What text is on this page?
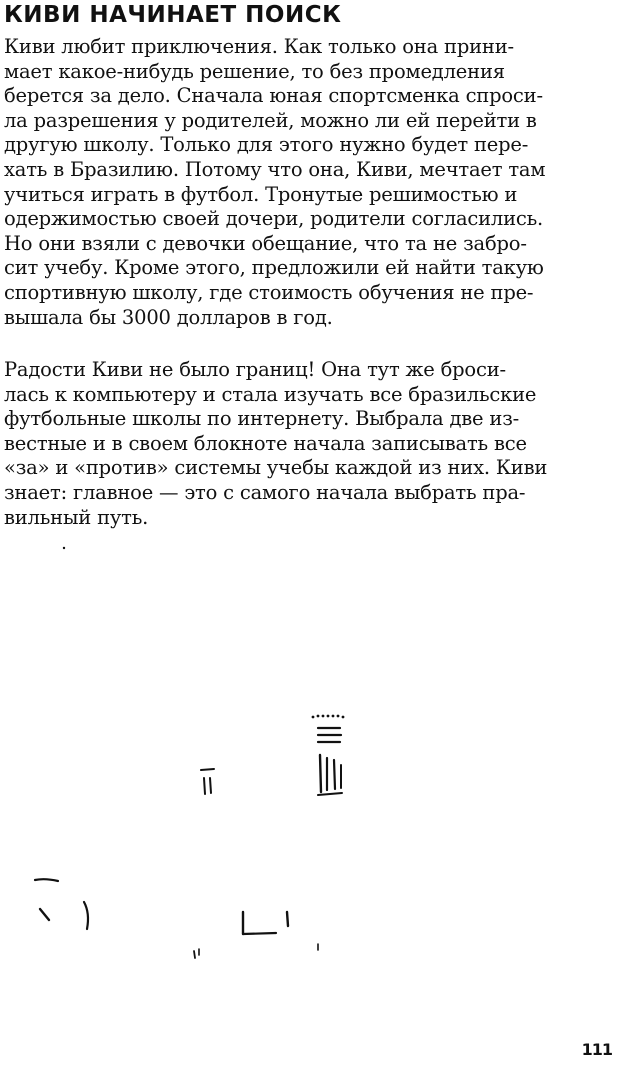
КИВИ НАЧИНАЕТ ПОИСК
Киви любит приключения. Как только она прини-
мает какое-нибудь решение, то без промедления
берется за дело. Сначала юная спортсменка спроси-
ла разрешения у родителей, можно ли ей перейти в
другую школу. Только для этого нужно будет пере-
хать в Бразилию. Потому что она, Киви, мечтает там
учиться играть в футбол. Тронутые решимостью и
одержимостью своей дочери, родители согласились.
Но они взяли с девочки обещание, что та не забро-
сит учебу. Кроме этого, предложили ей найти такую
спортивную школу, где стоимость обучения не пре-
вышала бы 3000 долларов в год.
Радости Киви не было границ! Она тут же броси-
лась к компьютеру и стала изучать все бразильские
футбольные школы по интернету. Выбрала две из-
вестные и в своем блокноте начала записывать все
«за» и «против» системы учебы каждой из них. Киви
знает: главное — это с самого начала выбрать пра-
вильный путь.
111
